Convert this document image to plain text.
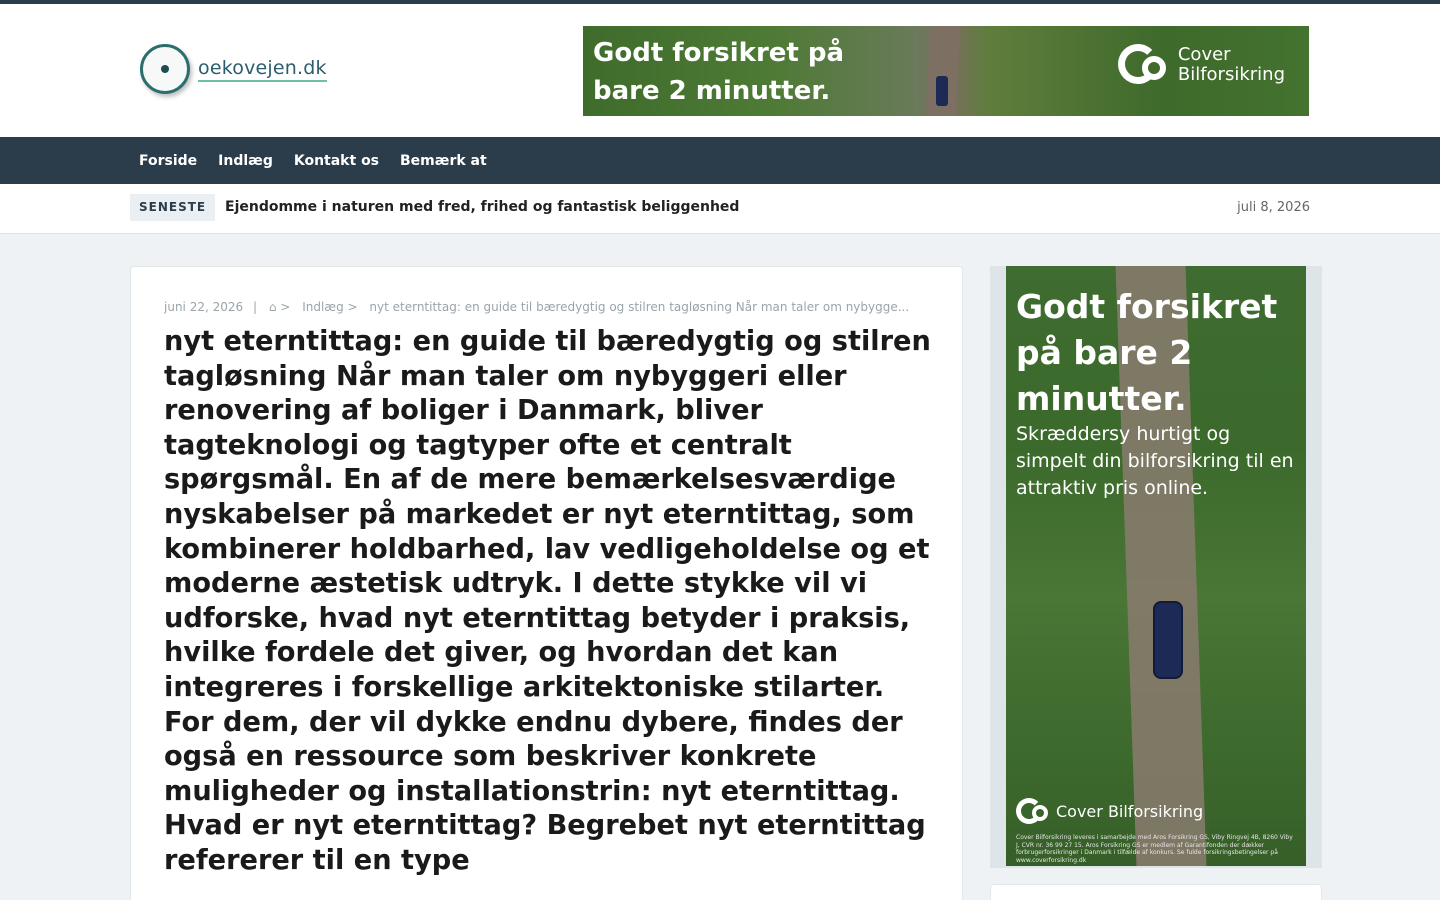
oekovejen.dk	Godt forsikret på
bare 2 minutter.
Cover
Bilforsikring
Forside Indlæg Kontakt os Bemærk at
SENESTE	Ejendomme i naturen med fred, frihed og fantastisk beliggenhed	juli 8, 2026
juni 22, 2026 | ⌂ > Indlæg > nyt eterntittag: en guide til bæredygtig og stilren tagløsning Når man taler om nybygge...
nyt eterntittag: en guide til bæredygtig og stilren tagløsning Når man taler om nybyggeri eller renovering af boliger i Danmark, bliver tagteknologi og tagtyper ofte et centralt spørgsmål. En af de mere bemærkelsesværdige nyskabelser på markedet er nyt eterntittag, som kombinerer holdbarhed, lav vedligeholdelse og et moderne æstetisk udtryk. I dette stykke vil vi udforske, hvad nyt eterntittag betyder i praksis, hvilke fordele det giver, og hvordan det kan integreres i forskellige arkitektoniske stilarter. For dem, der vil dykke endnu dybere, findes der også en ressource som beskriver konkrete muligheder og installationstrin: nyt eterntittag. Hvad er nyt eterntittag? Begrebet nyt eterntittag refererer til en type
Godt forsikret på bare 2 minutter.
Skræddersy hurtigt og simpelt din bilforsikring til en attraktiv pris online.
Cover Bilforsikring
Cover Bilforsikring leveres i samarbejde med Aros Forsikring GS, Viby Ringvej 4B, 8260 Viby J, CVR nr. 36 99 27 15. Aros Forsikring GS er medlem af Garantifonden der dækker forbrugerforsikringer i Danmark i tilfælde af konkurs. Se fulde forsikringsbetingelser på www.coverforsikring.dk
